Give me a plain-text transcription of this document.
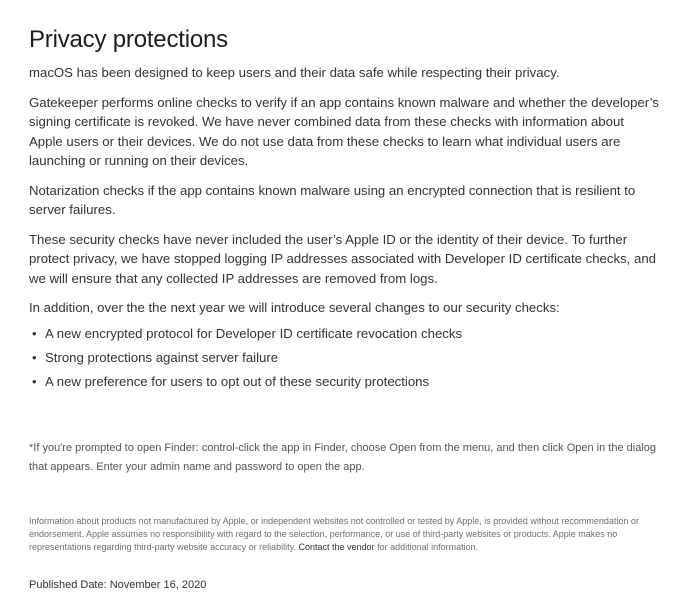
Privacy protections

macOS has been designed to keep users and their data safe while respecting their privacy.

Gatekeeper performs online checks to verify if an app contains known malware and whether the developer’s signing certificate is revoked. We have never combined data from these checks with information about Apple users or their devices. We do not use data from these checks to learn what individual users are launching or running on their devices.

Notarization checks if the app contains known malware using an encrypted connection that is resilient to server failures.

These security checks have never included the user’s Apple ID or the identity of their device. To further protect privacy, we have stopped logging IP addresses associated with Developer ID certificate checks, and we will ensure that any collected IP addresses are removed from logs.

In addition, over the the next year we will introduce several changes to our security checks:

• A new encrypted protocol for Developer ID certificate revocation checks
• Strong protections against server failure
• A new preference for users to opt out of these security protections

*If you're prompted to open Finder: control-click the app in Finder, choose Open from the menu, and then click Open in the dialog that appears. Enter your admin name and password to open the app.

Information about products not manufactured by Apple, or independent websites not controlled or tested by Apple, is provided without recommendation or endorsement. Apple assumes no responsibility with regard to the selection, performance, or use of third-party websites or products. Apple makes no representations regarding third-party website accuracy or reliability. Contact the vendor for additional information.

Published Date: November 16, 2020
